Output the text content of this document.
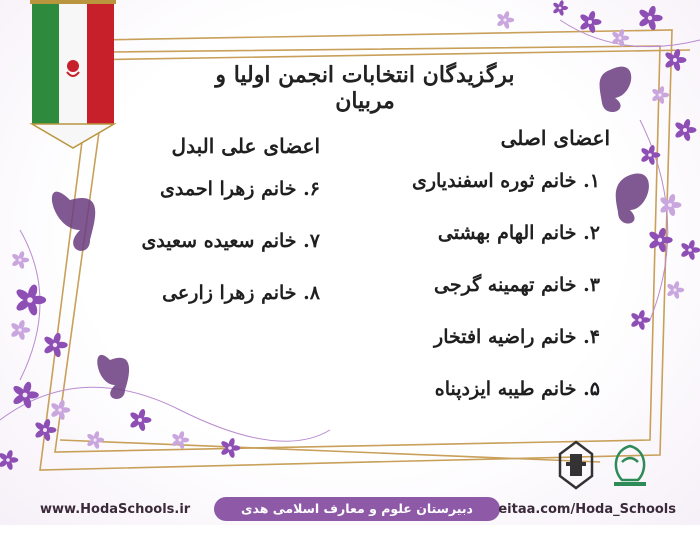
برگزیدگان انتخابات انجمن اولیا و مربیان
اعضای اصلی
۱. خانم ثوره اسفندیاری
۲. خانم الهام بهشتی
۳. خانم تهمینه گرجی
۴. خانم راضیه افتخار
۵. خانم طیبه ایزدپناه
اعضای علی البدل
۶. خانم زهرا احمدی
۷. خانم سعیده سعیدی
۸. خانم زهرا زارعی
www.HodaSchools.ir	دبیرستان علوم و معارف اسلامی هدی ۱۴۰۴-۰۵
eitaa.com/Hoda_Schools
